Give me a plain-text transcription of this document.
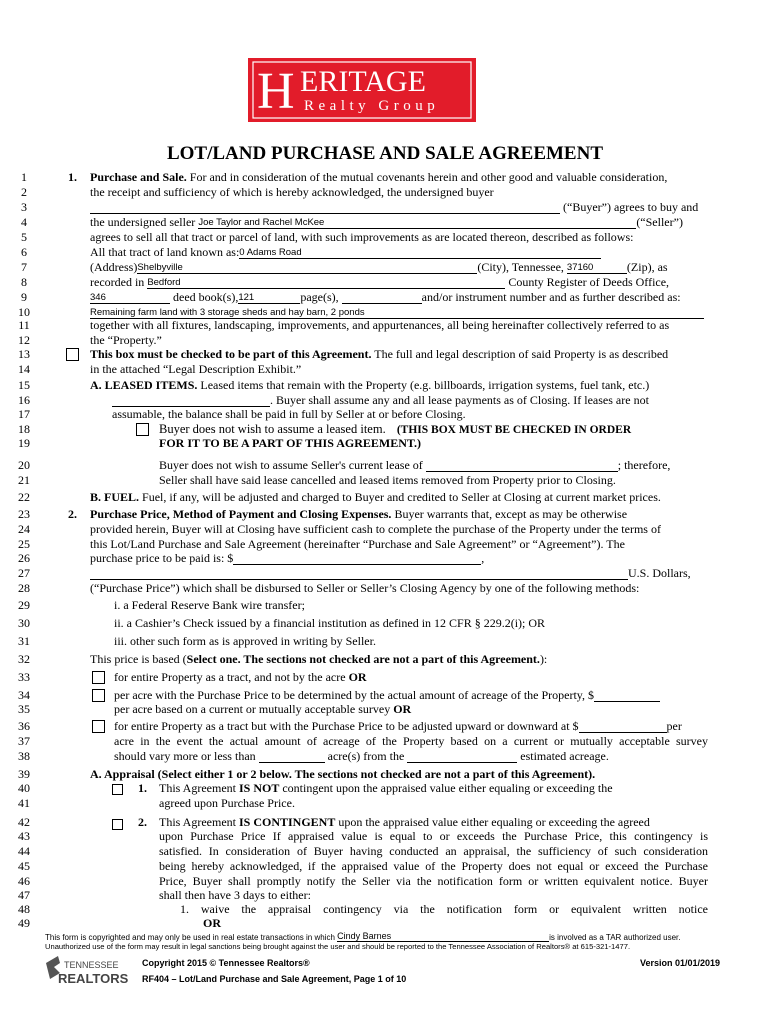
H ERITAGE
Realty Group
LOT/LAND PURCHASE AND SALE AGREEMENT
1	1. Purchase and Sale. For and in consideration of the mutual covenants herein and other good and valuable consideration,
2	the receipt and sufficiency of which is hereby acknowledged, the undersigned buyer
3	(“Buyer”) agrees to buy and
4	the undersigned seller Joe Taylor and Rachel McKee	(“Seller”)
5	agrees to sell all that tract or parcel of land, with such improvements as are located thereon, described as follows:
6	All that tract of land known as:0 Adams Road
7	(Address)Shelbyville	(City), Tennessee, 37160	(Zip), as
8	recorded in Bedford	County Register of Deeds Office,
9	346	deed book(s),121	page(s),	and/or instrument number and as further described as:
10	Remaining farm land with 3 storage sheds and hay barn, 2 ponds
11	together with all fixtures, landscaping, improvements, and appurtenances, all being hereinafter collectively referred to as
12	the “Property.”
13	This box must be checked to be part of this Agreement. The full and legal description of said Property is as described
14	in the attached “Legal Description Exhibit.”
15	A. LEASED ITEMS. Leased items that remain with the Property (e.g. billboards, irrigation systems, fuel tank, etc.)
16	. Buyer shall assume any and all lease payments as of Closing. If leases are not
17	assumable, the balance shall be paid in full by Seller at or before Closing.
18	Buyer does not wish to assume a leased item. (THIS BOX MUST BE CHECKED IN ORDER
19	FOR IT TO BE A PART OF THIS AGREEMENT.)
20	Buyer does not wish to assume Seller's current lease of	; therefore,
21	Seller shall have said lease cancelled and leased items removed from Property prior to Closing.
22	B. FUEL. Fuel, if any, will be adjusted and charged to Buyer and credited to Seller at Closing at current market prices.
23	2. Purchase Price, Method of Payment and Closing Expenses. Buyer warrants that, except as may be otherwise
24	provided herein, Buyer will at Closing have sufficient cash to complete the purchase of the Property under the terms of
25	this Lot/Land Purchase and Sale Agreement (hereinafter “Purchase and Sale Agreement” or “Agreement”). The
26	purchase price to be paid is: $	,
27	U.S. Dollars,
28	(“Purchase Price”) which shall be disbursed to Seller or Seller’s Closing Agency by one of the following methods:
29	i. a Federal Reserve Bank wire transfer;
30	ii. a Cashier’s Check issued by a financial institution as defined in 12 CFR § 229.2(i); OR
31	iii. other such form as is approved in writing by Seller.
32	This price is based (Select one. The sections not checked are not a part of this Agreement.):
33	for entire Property as a tract, and not by the acre OR
34	per acre with the Purchase Price to be determined by the actual amount of acreage of the Property, $
35	per acre based on a current or mutually acceptable survey OR
36	for entire Property as a tract but with the Purchase Price to be adjusted upward or downward at $	per
37	acre in the event the actual amount of acreage of the Property based on a current or mutually acceptable survey
38	should vary more or less than	acre(s) from the	estimated acreage.
39	A. Appraisal (Select either 1 or 2 below. The sections not checked are not a part of this Agreement).
40	1. This Agreement IS NOT contingent upon the appraised value either equaling or exceeding the
41	agreed upon Purchase Price.
42	2. This Agreement IS CONTINGENT upon the appraised value either equaling or exceeding the agreed
43	upon Purchase Price If appraised value is equal to or exceeds the Purchase Price, this contingency is
44	satisfied. In consideration of Buyer having conducted an appraisal, the sufficiency of such consideration
45	being hereby acknowledged, if the appraised value of the Property does not equal or exceed the Purchase
46	Price, Buyer shall promptly notify the Seller via the notification form or written equivalent notice. Buyer
47	shall then have 3 days to either:
48	1. waive the appraisal contingency via the notification form or equivalent written notice
49	OR
This form is copyrighted and may only be used in real estate transactions in which Cindy Barnes	is involved as a TAR authorized user.
Unauthorized use of the form may result in legal sanctions being brought against the user and should be reported to the Tennessee Association of Realtors® at 615-321-1477.
TENNESSEE
REALTORS
Copyright 2015 © Tennessee Realtors®
RF404 – Lot/Land Purchase and Sale Agreement, Page 1 of 10
Version 01/01/2019
